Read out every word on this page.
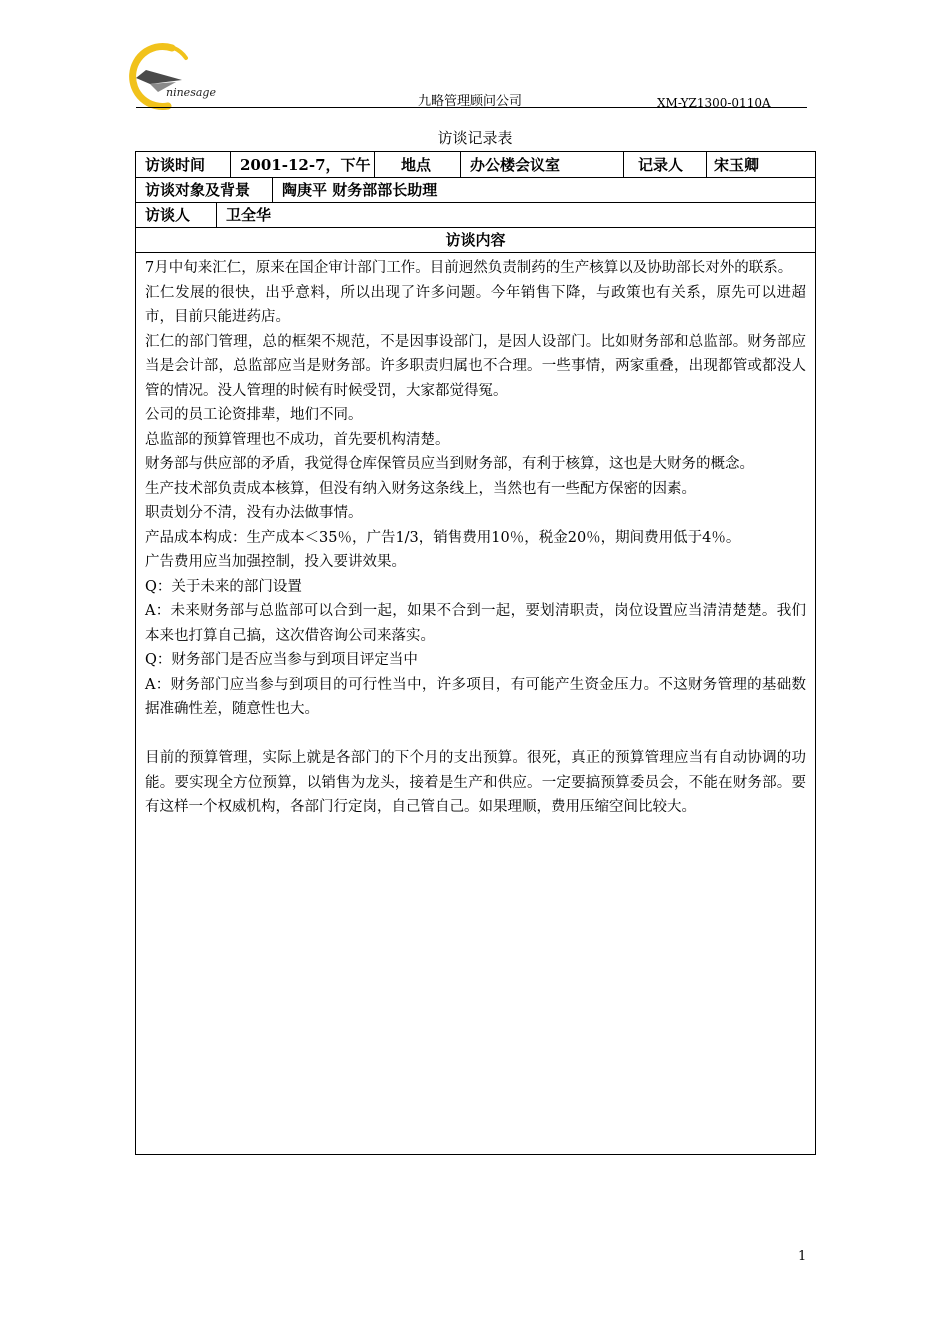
ninesage
九略管理顾问公司	XM-YZ1300-0110A
访谈记录表
访谈时间 2001-12-7，下午 地点	办公楼会议室	记录人 宋玉卿
访谈对象及背景 陶庚平 财务部部长助理
访谈人 卫全华
访谈内容

7月中旬来汇仁，原来在国企审计部门工作。目前迥然负责制药的生产核算以及协助部长对外的联系。

汇仁发展的很快，出乎意料，所以出现了许多问题。今年销售下降，与政策也有关系，原先可以进超市，目前只能进药店。

汇仁的部门管理，总的框架不规范，不是因事设部门，是因人设部门。比如财务部和总监部。财务部应当是会计部，总监部应当是财务部。许多职责归属也不合理。一些事情，两家重叠，出现都管或都没人管的情况。没人管理的时候有时候受罚，大家都觉得冤。

公司的员工论资排辈，地们不同。

总监部的预算管理也不成功，首先要机构清楚。

财务部与供应部的矛盾，我觉得仓库保管员应当到财务部，有利于核算，这也是大财务的概念。

生产技术部负责成本核算，但没有纳入财务这条线上，当然也有一些配方保密的因素。

职责划分不清，没有办法做事情。

产品成本构成：生产成本＜35％，广告1/3，销售费用10％，税金20％，期间费用低于4％。

广告费用应当加强控制，投入要讲效果。

Q：关于未来的部门设置

A：未来财务部与总监部可以合到一起，如果不合到一起，要划清职责，岗位设置应当清清楚楚。我们本来也打算自己搞，这次借咨询公司来落实。

Q：财务部门是否应当参与到项目评定当中

A：财务部门应当参与到项目的可行性当中，许多项目，有可能产生资金压力。不这财务管理的基础数据准确性差，随意性也大。

目前的预算管理，实际上就是各部门的下个月的支出预算。很死，真正的预算管理应当有自动协调的功能。要实现全方位预算，以销售为龙头，接着是生产和供应。一定要搞预算委员会，不能在财务部。要有这样一个权威机构，各部门行定岗，自己管自己。如果理顺，费用压缩空间比较大。

1
